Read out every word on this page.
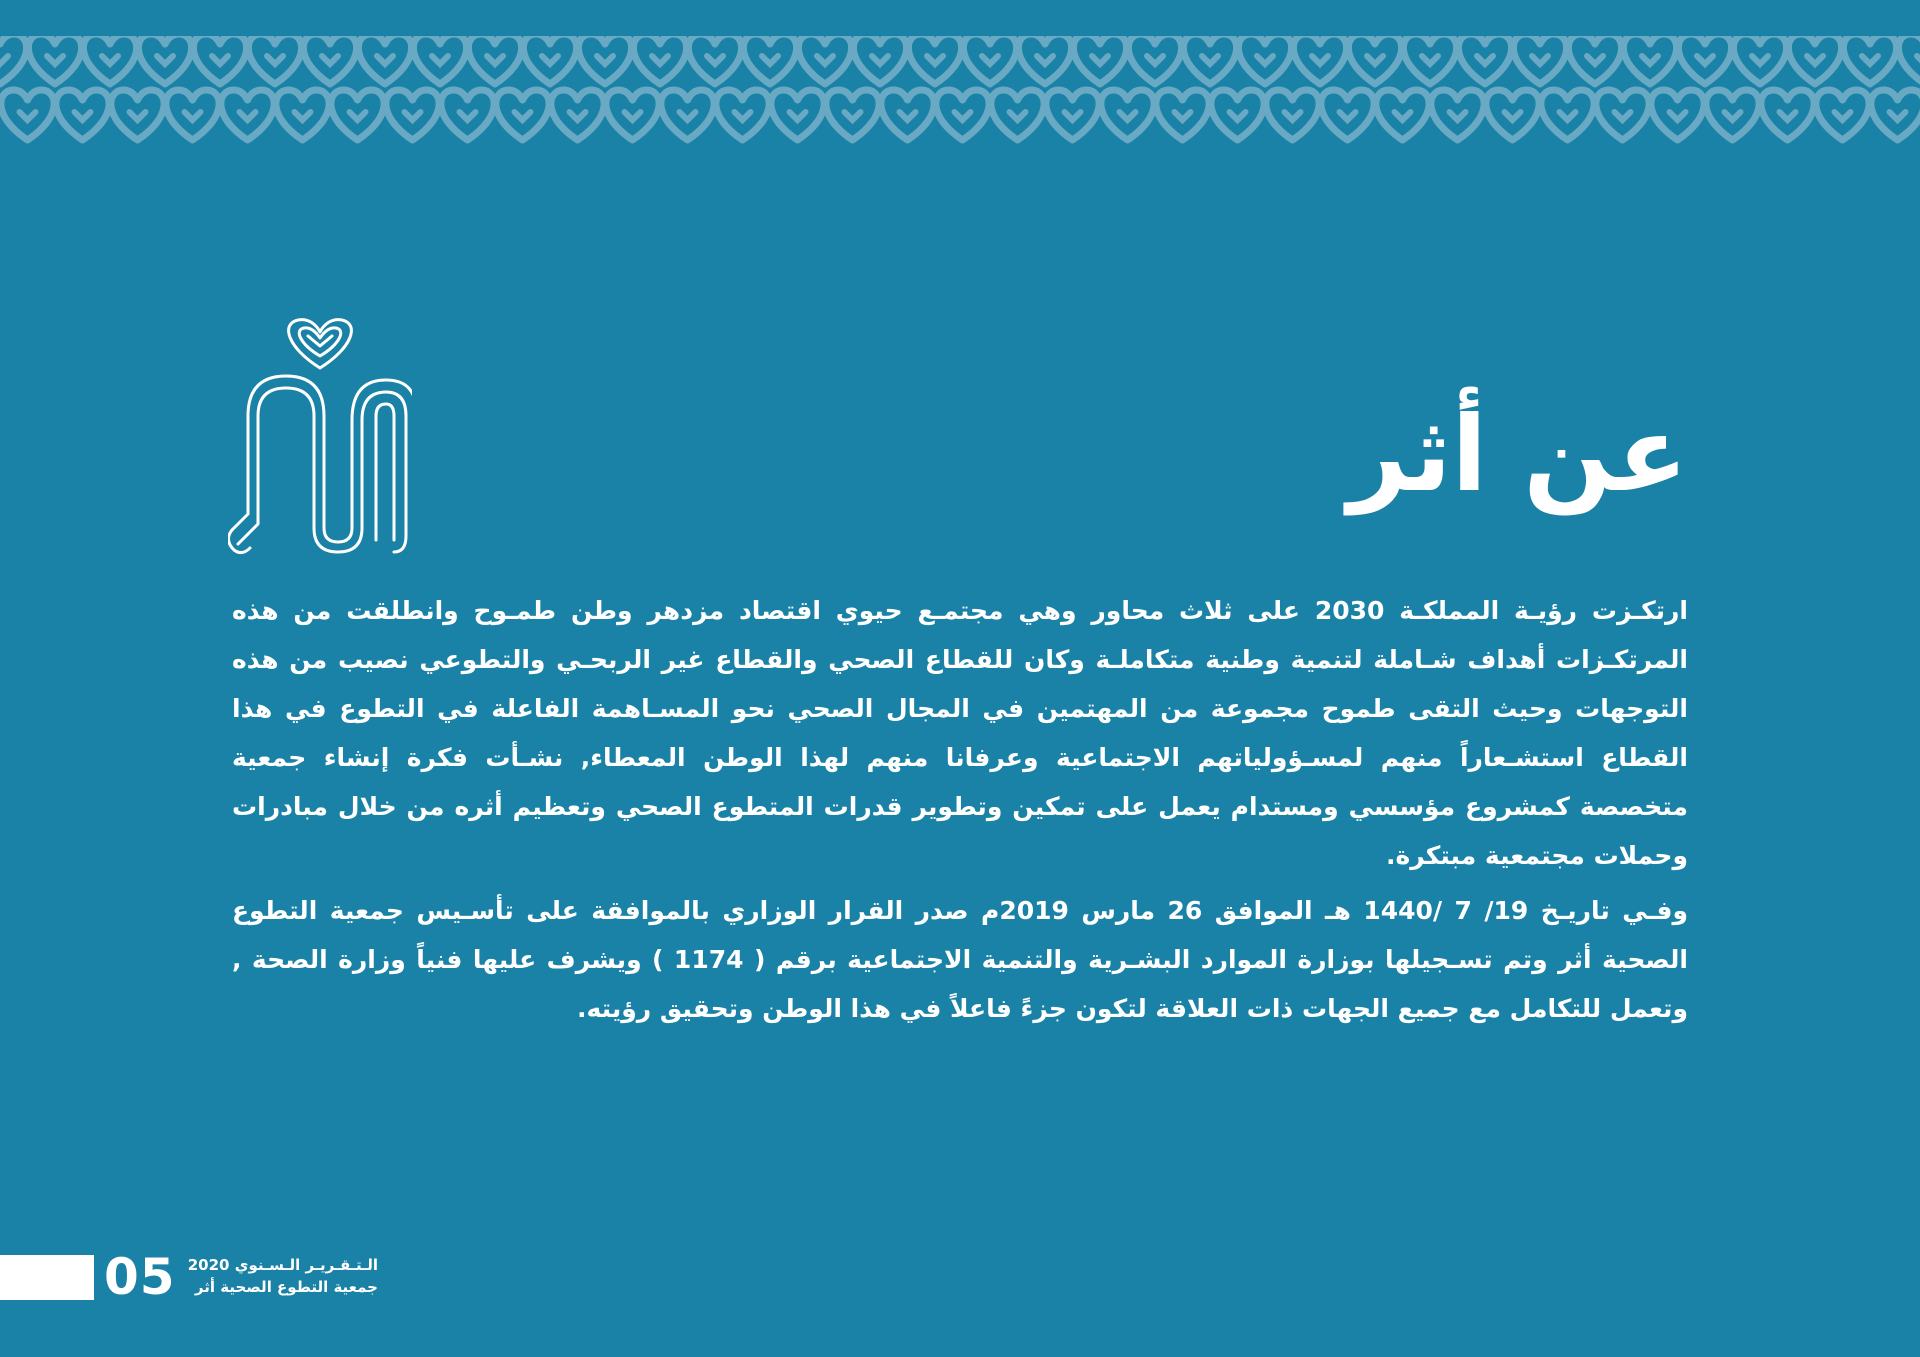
عن أثر

ارتكـزت رؤيـة المملكـة 2030 على ثلاث محاور وهي مجتمـع حيوي اقتصاد مزدهر وطن طمـوح وانطلقت من هذه المرتكـزات أهداف شـاملة لتنمية وطنية متكاملـة وكان للقطاع الصحي والقطاع غير الربحـي والتطوعي نصيب من هذه التوجهات وحيث التقى طموح مجموعة من المهتمين في المجال الصحي نحو المسـاهمة الفاعلة في التطوع في هذا القطاع استشـعاراً منهم لمسـؤولياتهم الاجتماعية وعرفانا منهم لهذا الوطن المعطاء, نشـأت فكرة إنشاء جمعية متخصصة كمشروع مؤسسي ومستدام يعمل على تمكين وتطوير قدرات المتطوع الصحي وتعظيم أثره من خلال مبادرات وحملات مجتمعية مبتكرة.

وفـي تاريـخ 19/ 7 /1440 هـ الموافق 26 مارس 2019م صدر القرار الوزاري بالموافقة على تأسـيس جمعية التطوع الصحية أثر وتم تسـجيلها بوزارة الموارد البشـرية والتنمية الاجتماعية برقم ( 1174 ) ويشرف عليها فنياً وزارة الصحة , وتعمل للتكامل مع جميع الجهات ذات العلاقة لتكون جزءً فاعلاً في هذا الوطن وتحقيق رؤيته.

05 الـتـقـريـر الـسـنوي 2020
جمعية التطوع الصحية أثر
